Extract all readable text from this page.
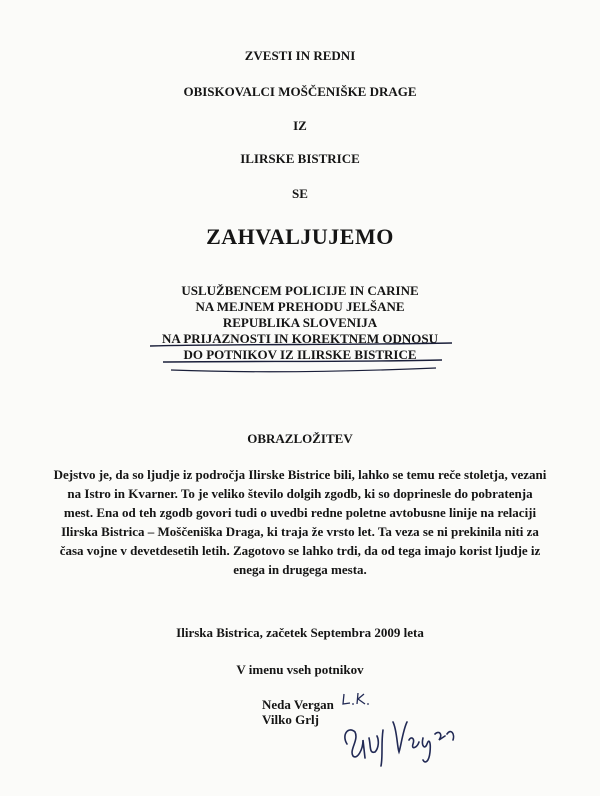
ZVESTI IN REDNI
OBISKOVALCI MOŠČENIŠKE DRAGE
IZ
ILIRSKE BISTRICE
SE
ZAHVALJUJEMO
USLUŽBENCEM POLICIJE IN CARINE
NA MEJNEM PREHODU JELŠANE
REPUBLIKA SLOVENIJA
NA PRIJAZNOSTI IN KOREKTNEM ODNOSU
DO POTNIKOV IZ ILIRSKE BISTRICE
OBRAZLOŽITEV
Dejstvo je, da so ljudje iz področja Ilirske Bistrice bili, lahko se temu reče stoletja, vezani
na Istro in Kvarner. To je veliko število dolgih zgodb, ki so doprinesle do pobratenja
mest. Ena od teh zgodb govori tudi o uvedbi redne poletne avtobusne linije na relaciji
Ilirska Bistrica – Moščeniška Draga, ki traja že vrsto let. Ta veza se ni prekinila niti za
časa vojne v devetdesetih letih. Zagotovo se lahko trdi, da od tega imajo korist ljudje iz
enega in drugega mesta.
Ilirska Bistrica, začetek Septembra 2009 leta
V imenu vseh potnikov
Neda Vergan
Vilko Grlj
